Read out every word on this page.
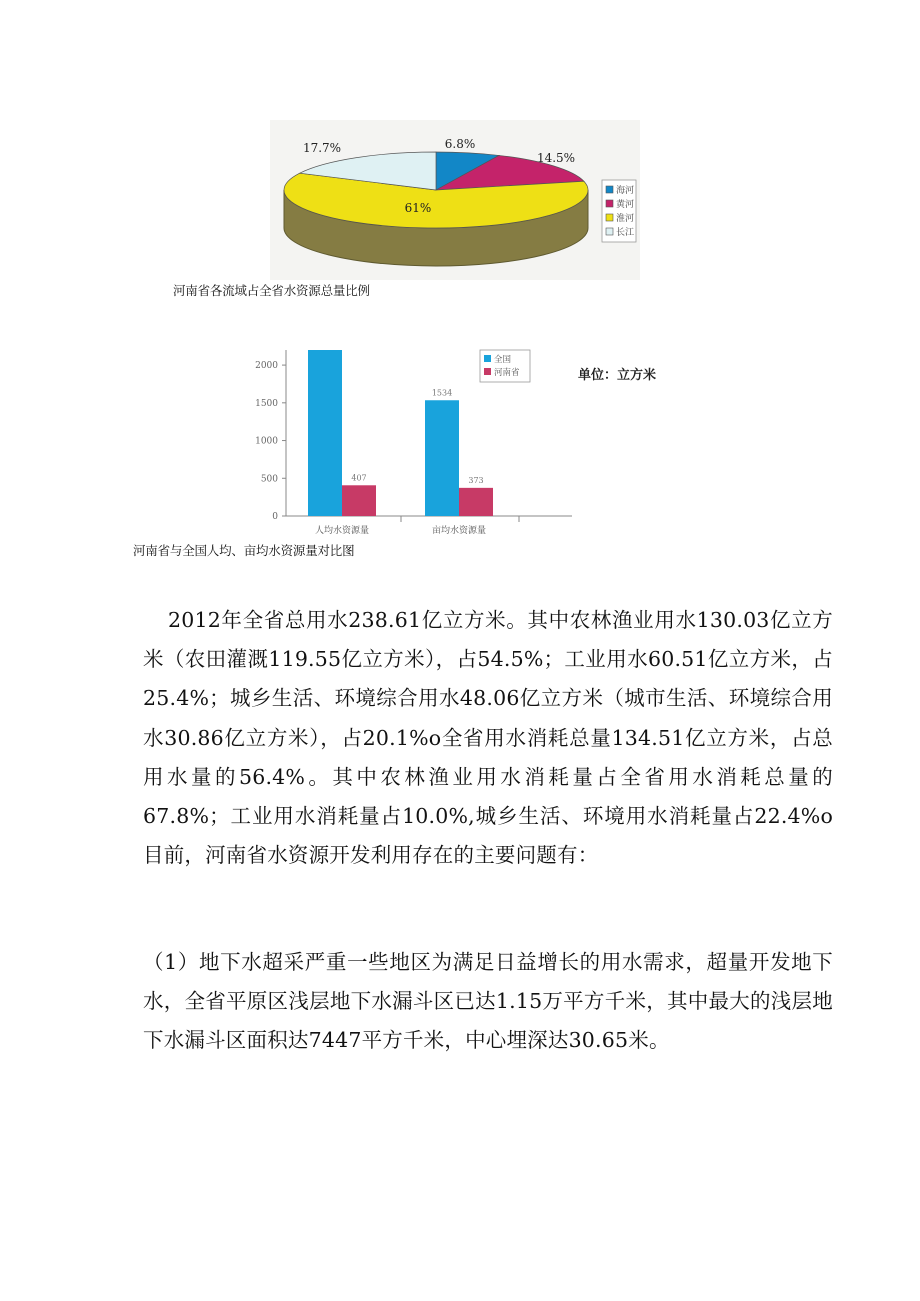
6.8%
14.5%
61%
17.7%
海河
黄河
淮河
长江
河南省各流域占全省水资源总量比例
0
500
1000
1500
2000
407
人均水资源量
1534
373
亩均水资源量
全国
河南省	单位：立方米
河南省与全国人均、亩均水资源量对比图

2012年全省总用水238.61亿立方米。其中农林渔业用水130.03亿立方米（农田灌溉119.55亿立方米），占54.5%；工业用水60.51亿立方米，占25.4%；城乡生活、环境综合用水48.06亿立方米（城市生活、环境综合用水30.86亿立方米），占20.1%o全省用水消耗总量134.51亿立方米，占总用水量的56.4%。其中农林渔业用水消耗量占全省用水消耗总量的67.8%；工业用水消耗量占10.0%,城乡生活、环境用水消耗量占22.4%o目前，河南省水资源开发利用存在的主要问题有：

（1）地下水超采严重一些地区为满足日益增长的用水需求，超量开发地下水，全省平原区浅层地下水漏斗区已达1.15万平方千米，其中最大的浅层地下水漏斗区面积达7447平方千米，中心埋深达30.65米。
